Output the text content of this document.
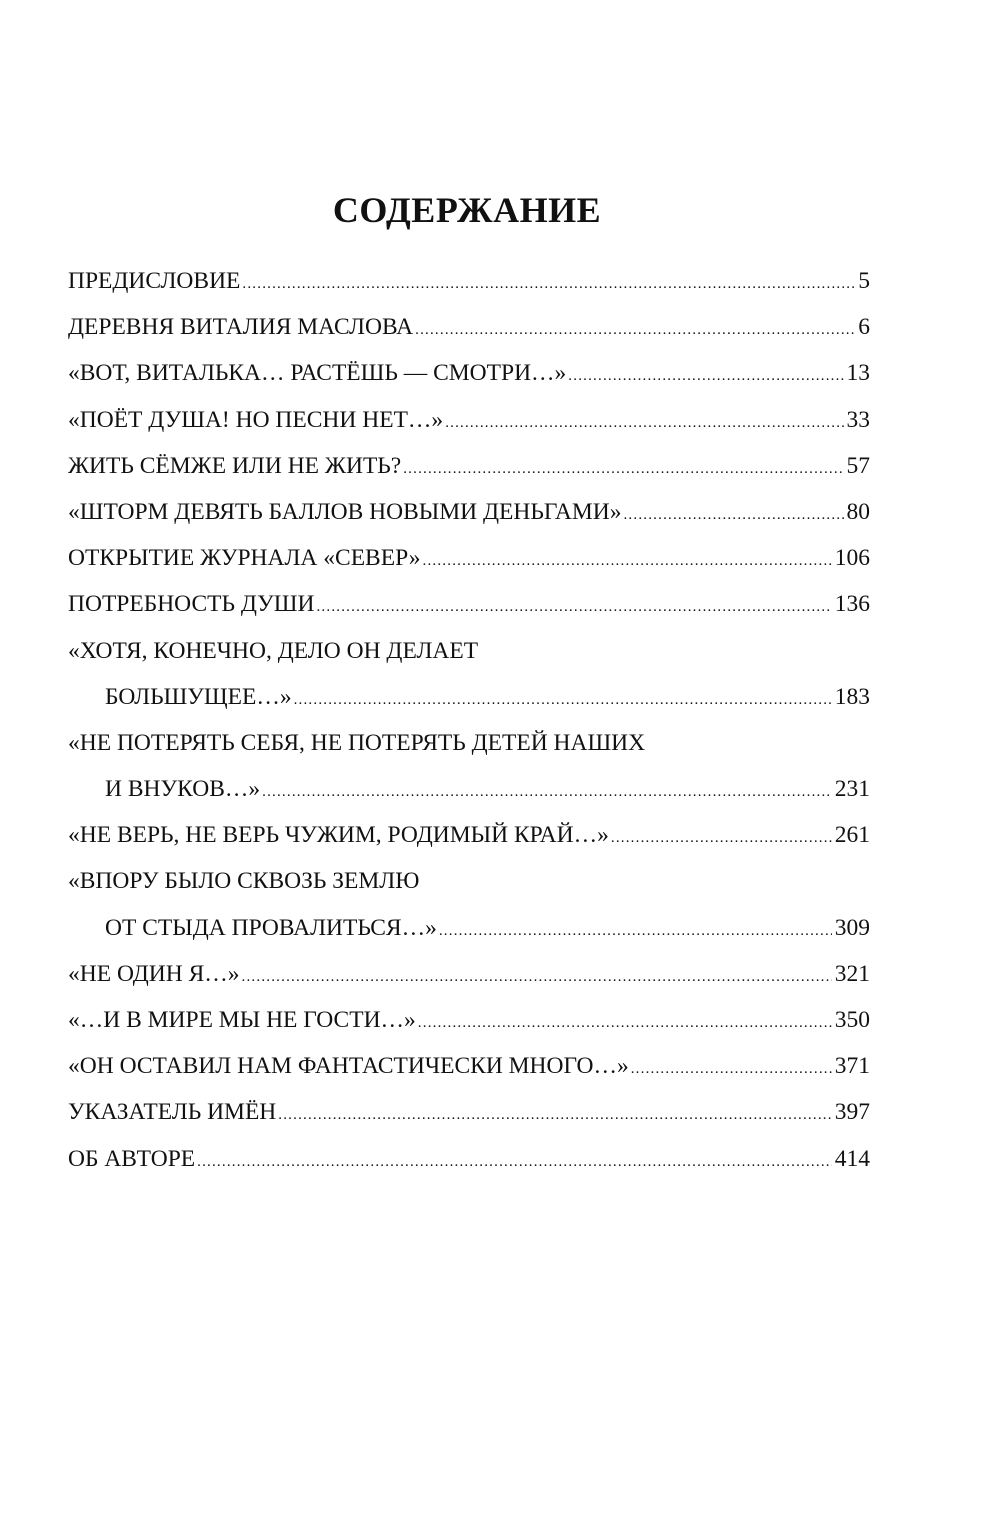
СОДЕРЖАНИЕ
ПРЕДИСЛОВИЕ .....	5
ДЕРЕВНЯ ВИТАЛИЯ МАСЛОВА .....	6
«ВОТ, ВИТАЛЬКА… РАСТЁШЬ — СМОТРИ…» .....	13
«ПОЁТ ДУША! НО ПЕСНИ НЕТ…» .....	33
ЖИТЬ СЁМЖЕ ИЛИ НЕ ЖИТЬ? .....	57
«ШТОРМ ДЕВЯТЬ БАЛЛОВ НОВЫМИ ДЕНЬГАМИ» .....	80
ОТКРЫТИЕ ЖУРНАЛА «СЕВЕР» .....	106
ПОТРЕБНОСТЬ ДУШИ .....	136
«ХОТЯ, КОНЕЧНО, ДЕЛО ОН ДЕЛАЕТ
БОЛЬШУЩЕЕ…» .....	183
«НЕ ПОТЕРЯТЬ СЕБЯ, НЕ ПОТЕРЯТЬ ДЕТЕЙ НАШИХ
И ВНУКОВ…» .....	231
«НЕ ВЕРЬ, НЕ ВЕРЬ ЧУЖИМ, РОДИМЫЙ КРАЙ…» .....	261
«ВПОРУ БЫЛО СКВОЗЬ ЗЕМЛЮ
ОТ СТЫДА ПРОВАЛИТЬСЯ…» .....	309
«НЕ ОДИН Я…» .....	321
«…И В МИРЕ МЫ НЕ ГОСТИ…» .....	350
«ОН ОСТАВИЛ НАМ ФАНТАСТИЧЕСКИ МНОГО…» .....	371
УКАЗАТЕЛЬ ИМЁН .....	397
ОБ АВТОРЕ .....	414
